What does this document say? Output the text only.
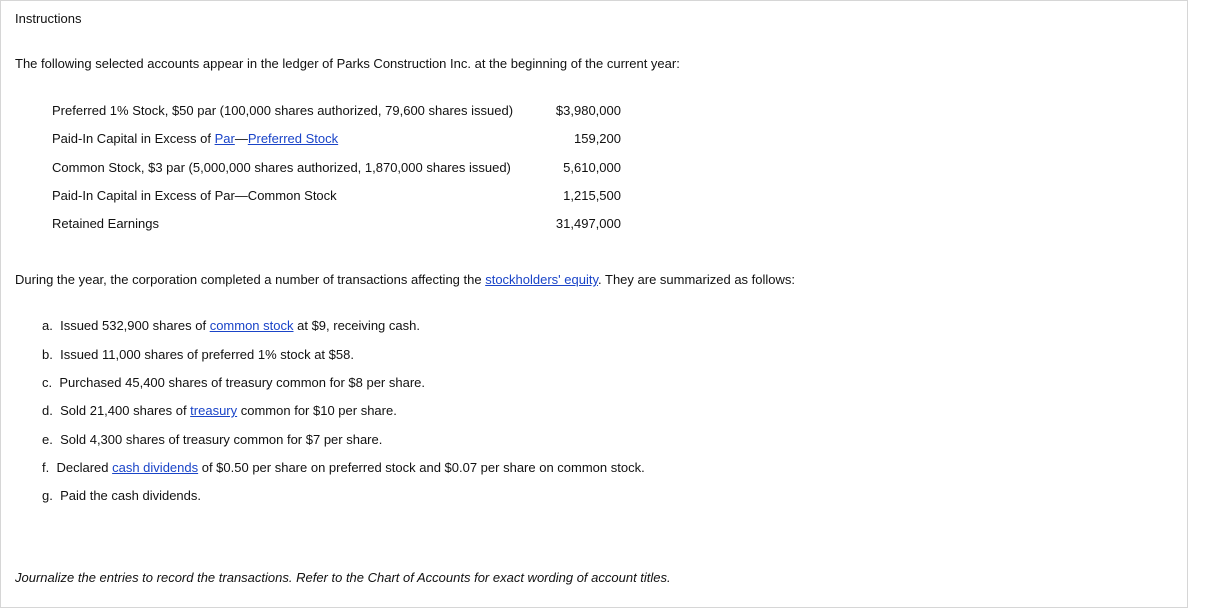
Instructions
The following selected accounts appear in the ledger of Parks Construction Inc. at the beginning of the current year:
Preferred 1% Stock, $50 par (100,000 shares authorized, 79,600 shares issued)	$3,980,000
Paid-In Capital in Excess of Par—Preferred Stock	159,200
Common Stock, $3 par (5,000,000 shares authorized, 1,870,000 shares issued)	5,610,000
Paid-In Capital in Excess of Par—Common Stock	1,215,500
Retained Earnings	31,497,000
During the year, the corporation completed a number of transactions affecting the stockholders' equity. They are summarized as follows:
a. Issued 532,900 shares of common stock at $9, receiving cash.
b. Issued 11,000 shares of preferred 1% stock at $58.
c. Purchased 45,400 shares of treasury common for $8 per share.
d. Sold 21,400 shares of treasury common for $10 per share.
e. Sold 4,300 shares of treasury common for $7 per share.
f. Declared cash dividends of $0.50 per share on preferred stock and $0.07 per share on common stock.
g. Paid the cash dividends.
Journalize the entries to record the transactions. Refer to the Chart of Accounts for exact wording of account titles.
